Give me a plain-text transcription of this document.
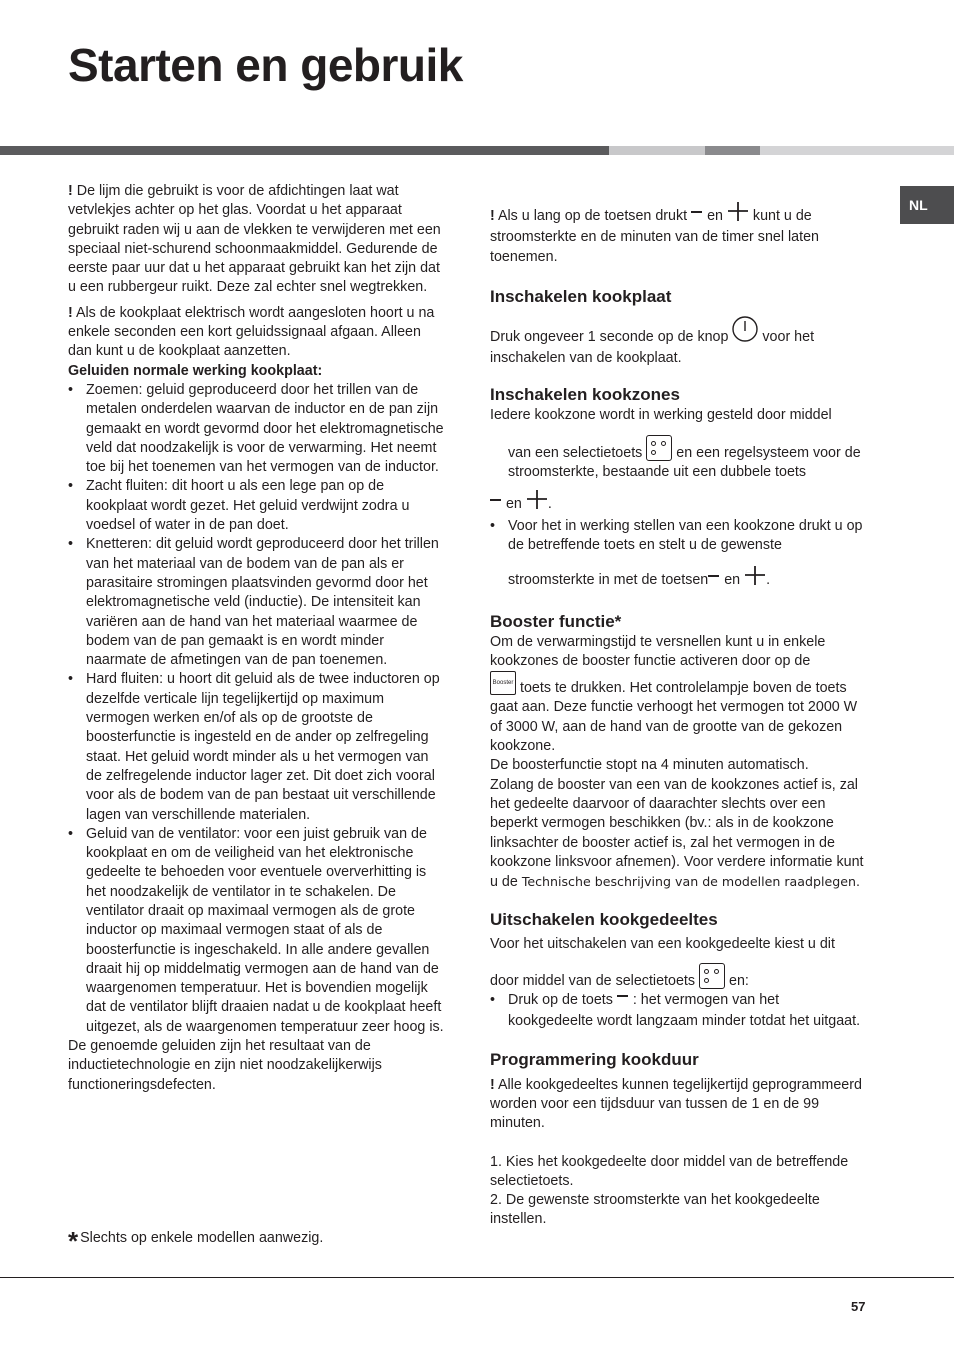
Starten en gebruik
NL

! De lijm die gebruikt is voor de afdichtingen laat wat vetvlekjes achter op het glas. Voordat u het apparaat gebruikt raden wij u aan de vlekken te verwijderen met een speciaal niet-schurend schoonmaakmiddel. Gedurende de eerste paar uur dat u het apparaat gebruikt kan het zijn dat u een rubbergeur ruikt. Deze zal echter snel wegtrekken.

! Als de kookplaat elektrisch wordt aangesloten hoort u na enkele seconden een kort geluidssignaal afgaan. Alleen dan kunt u de kookplaat aanzetten.

Geluiden normale werking kookplaat:

• Zoemen: geluid geproduceerd door het trillen van de metalen onderdelen waarvan de inductor en de pan zijn gemaakt en wordt gevormd door het elektromagnetische veld dat noodzakelijk is voor de verwarming. Het neemt toe bij het toenemen van het vermogen van de inductor.
• Zacht fluiten: dit hoort u als een lege pan op de kookplaat wordt gezet. Het geluid verdwijnt zodra u voedsel of water in de pan doet.
• Knetteren: dit geluid wordt geproduceerd door het trillen van het materiaal van de bodem van de pan als er parasitaire stromingen plaatsvinden gevormd door het elektromagnetische veld (inductie). De intensiteit kan variëren aan de hand van het materiaal waarmee de bodem van de pan gemaakt is en wordt minder naarmate de afmetingen van de pan toenemen.
• Hard fluiten: u hoort dit geluid als de twee inductoren op dezelfde verticale lijn tegelijkertijd op maximum vermogen werken en/of als op de grootste de boosterfunctie is ingesteld en de ander op zelfregeling staat. Het geluid wordt minder als u het vermogen van de zelfregelende inductor lager zet. Dit doet zich vooral voor als de bodem van de pan bestaat uit verschillende lagen van verschillende materialen.
• Geluid van de ventilator: voor een juist gebruik van de kookplaat en om de veiligheid van het elektronische gedeelte te behoeden voor eventuele oververhitting is het noodzakelijk de ventilator in te schakelen. De ventilator draait op maximaal vermogen als de grote inductor op maximaal vermogen staat of als de boosterfunctie is ingeschakeld. In alle andere gevallen draait hij op middelmatig vermogen aan de hand van de waargenomen temperatuur. Het is bovendien mogelijk dat de ventilator blijft draaien nadat u de kookplaat heeft uitgezet, als de waargenomen temperatuur zeer hoog is.

De genoemde geluiden zijn het resultaat van de inductietechnologie en zijn niet noodzakelijkerwijs functioneringsdefecten.

* Slechts op enkele modellen aanwezig.

! Als u lang op de toetsen drukt  en  kunt u de stroomsterkte en de minuten van de timer snel laten toenemen.

Inschakelen kookplaat

Druk ongeveer 1 seconde op de knop  voor het inschakelen van de kookplaat.

Inschakelen kookzones

Iedere kookzone wordt in werking gesteld door middel

van een selectietoets
en een regelsysteem voor de stroomsterkte, bestaande uit een dubbele toets

en .

• Voor het in werking stellen van een kookzone drukt u op de betreffende toets en stelt u de gewenste
stroomsterkte in met de toetsen en .
Booster functie*

Om de verwarmingstijd te versnellen kunt u in enkele kookzones de booster functie activeren door op de
Booster toets te drukken. Het controlelampje boven de toets gaat aan. Deze functie verhoogt het vermogen tot 2000 W of 3000 W, aan de hand van de grootte van de gekozen kookzone.

De boosterfunctie stopt na 4 minuten automatisch.

Zolang de booster van een van de kookzones actief is, zal het gedeelte daarvoor of daarachter slechts over een beperkt vermogen beschikken (bv.: als in de kookzone linksachter de booster actief is, zal het vermogen in de kookzone linksvoor afnemen). Voor verdere informatie kunt u de Technische beschrijving van de modellen raadplegen.

Uitschakelen kookgedeeltes

Voor het uitschakelen van een kookgedeelte kiest u dit

door middel van de selectietoets
en:

• Druk op de toets  : het vermogen van het kookgedeelte wordt langzaam minder totdat het uitgaat.
Programmering kookduur

! Alle kookgedeeltes kunnen tegelijkertijd geprogrammeerd worden voor een tijdsduur van tussen de 1 en de 99 minuten.

1. Kies het kookgedeelte door middel van de betreffende selectietoets.

2. De gewenste stroomsterkte van het kookgedeelte instellen.

57
